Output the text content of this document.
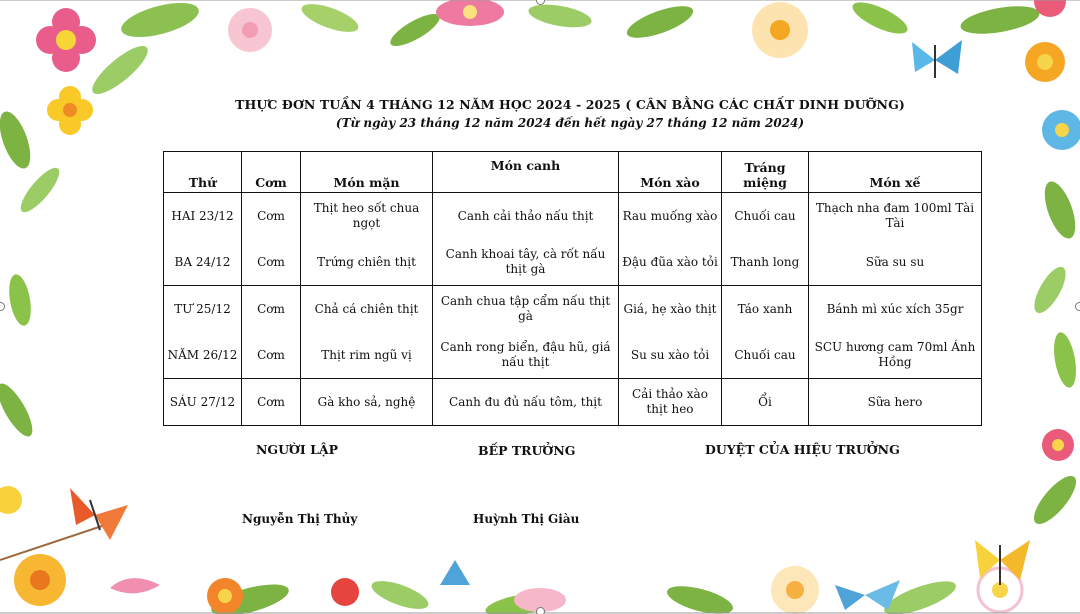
THỰC ĐƠN TUẦN 4 THÁNG 12 NĂM HỌC 2024 - 2025 ( CÂN BẰNG CÁC CHẤT DINH DƯỠNG)
(Từ ngày 23 tháng 12 năm 2024 đến hết ngày 27 tháng 12 năm 2024)
Thứ	Cơm	Món mặn	Món canh	Món xào	Tráng miệng	Món xế
HAI 23/12	Cơm	Thịt heo sốt chua ngọt	Canh cải thảo nấu thịt	Rau muống xào	Chuối cau	Thạch nha đam 100ml Tài Tài
BA 24/12	Cơm	Trứng chiên thịt	Canh khoai tây, cà rốt nấu thịt gà	Đậu đũa xào tỏi	Thanh long	Sữa su su
TƯ 25/12	Cơm	Chả cá chiên thịt	Canh chua tập cẩm nấu thịt gà	Giá, hẹ xào thịt	Táo xanh	Bánh mì xúc xích 35gr
NĂM 26/12	Cơm	Thịt rim ngũ vị	Canh rong biển, đậu hũ, giá nấu thịt	Su su xào tỏi	Chuối cau	SCU hương cam 70ml Ánh Hồng
SÁU 27/12	Cơm	Gà kho sả, nghệ	Canh đu đủ nấu tôm, thịt	Cải thảo xào thịt heo	Ổi	Sữa hero
NGƯỜI LẬP	BẾP TRƯỞNG	DUYỆT CỦA HIỆU TRƯỞNG
Nguyễn Thị Thủy	Huỳnh Thị Giàu
